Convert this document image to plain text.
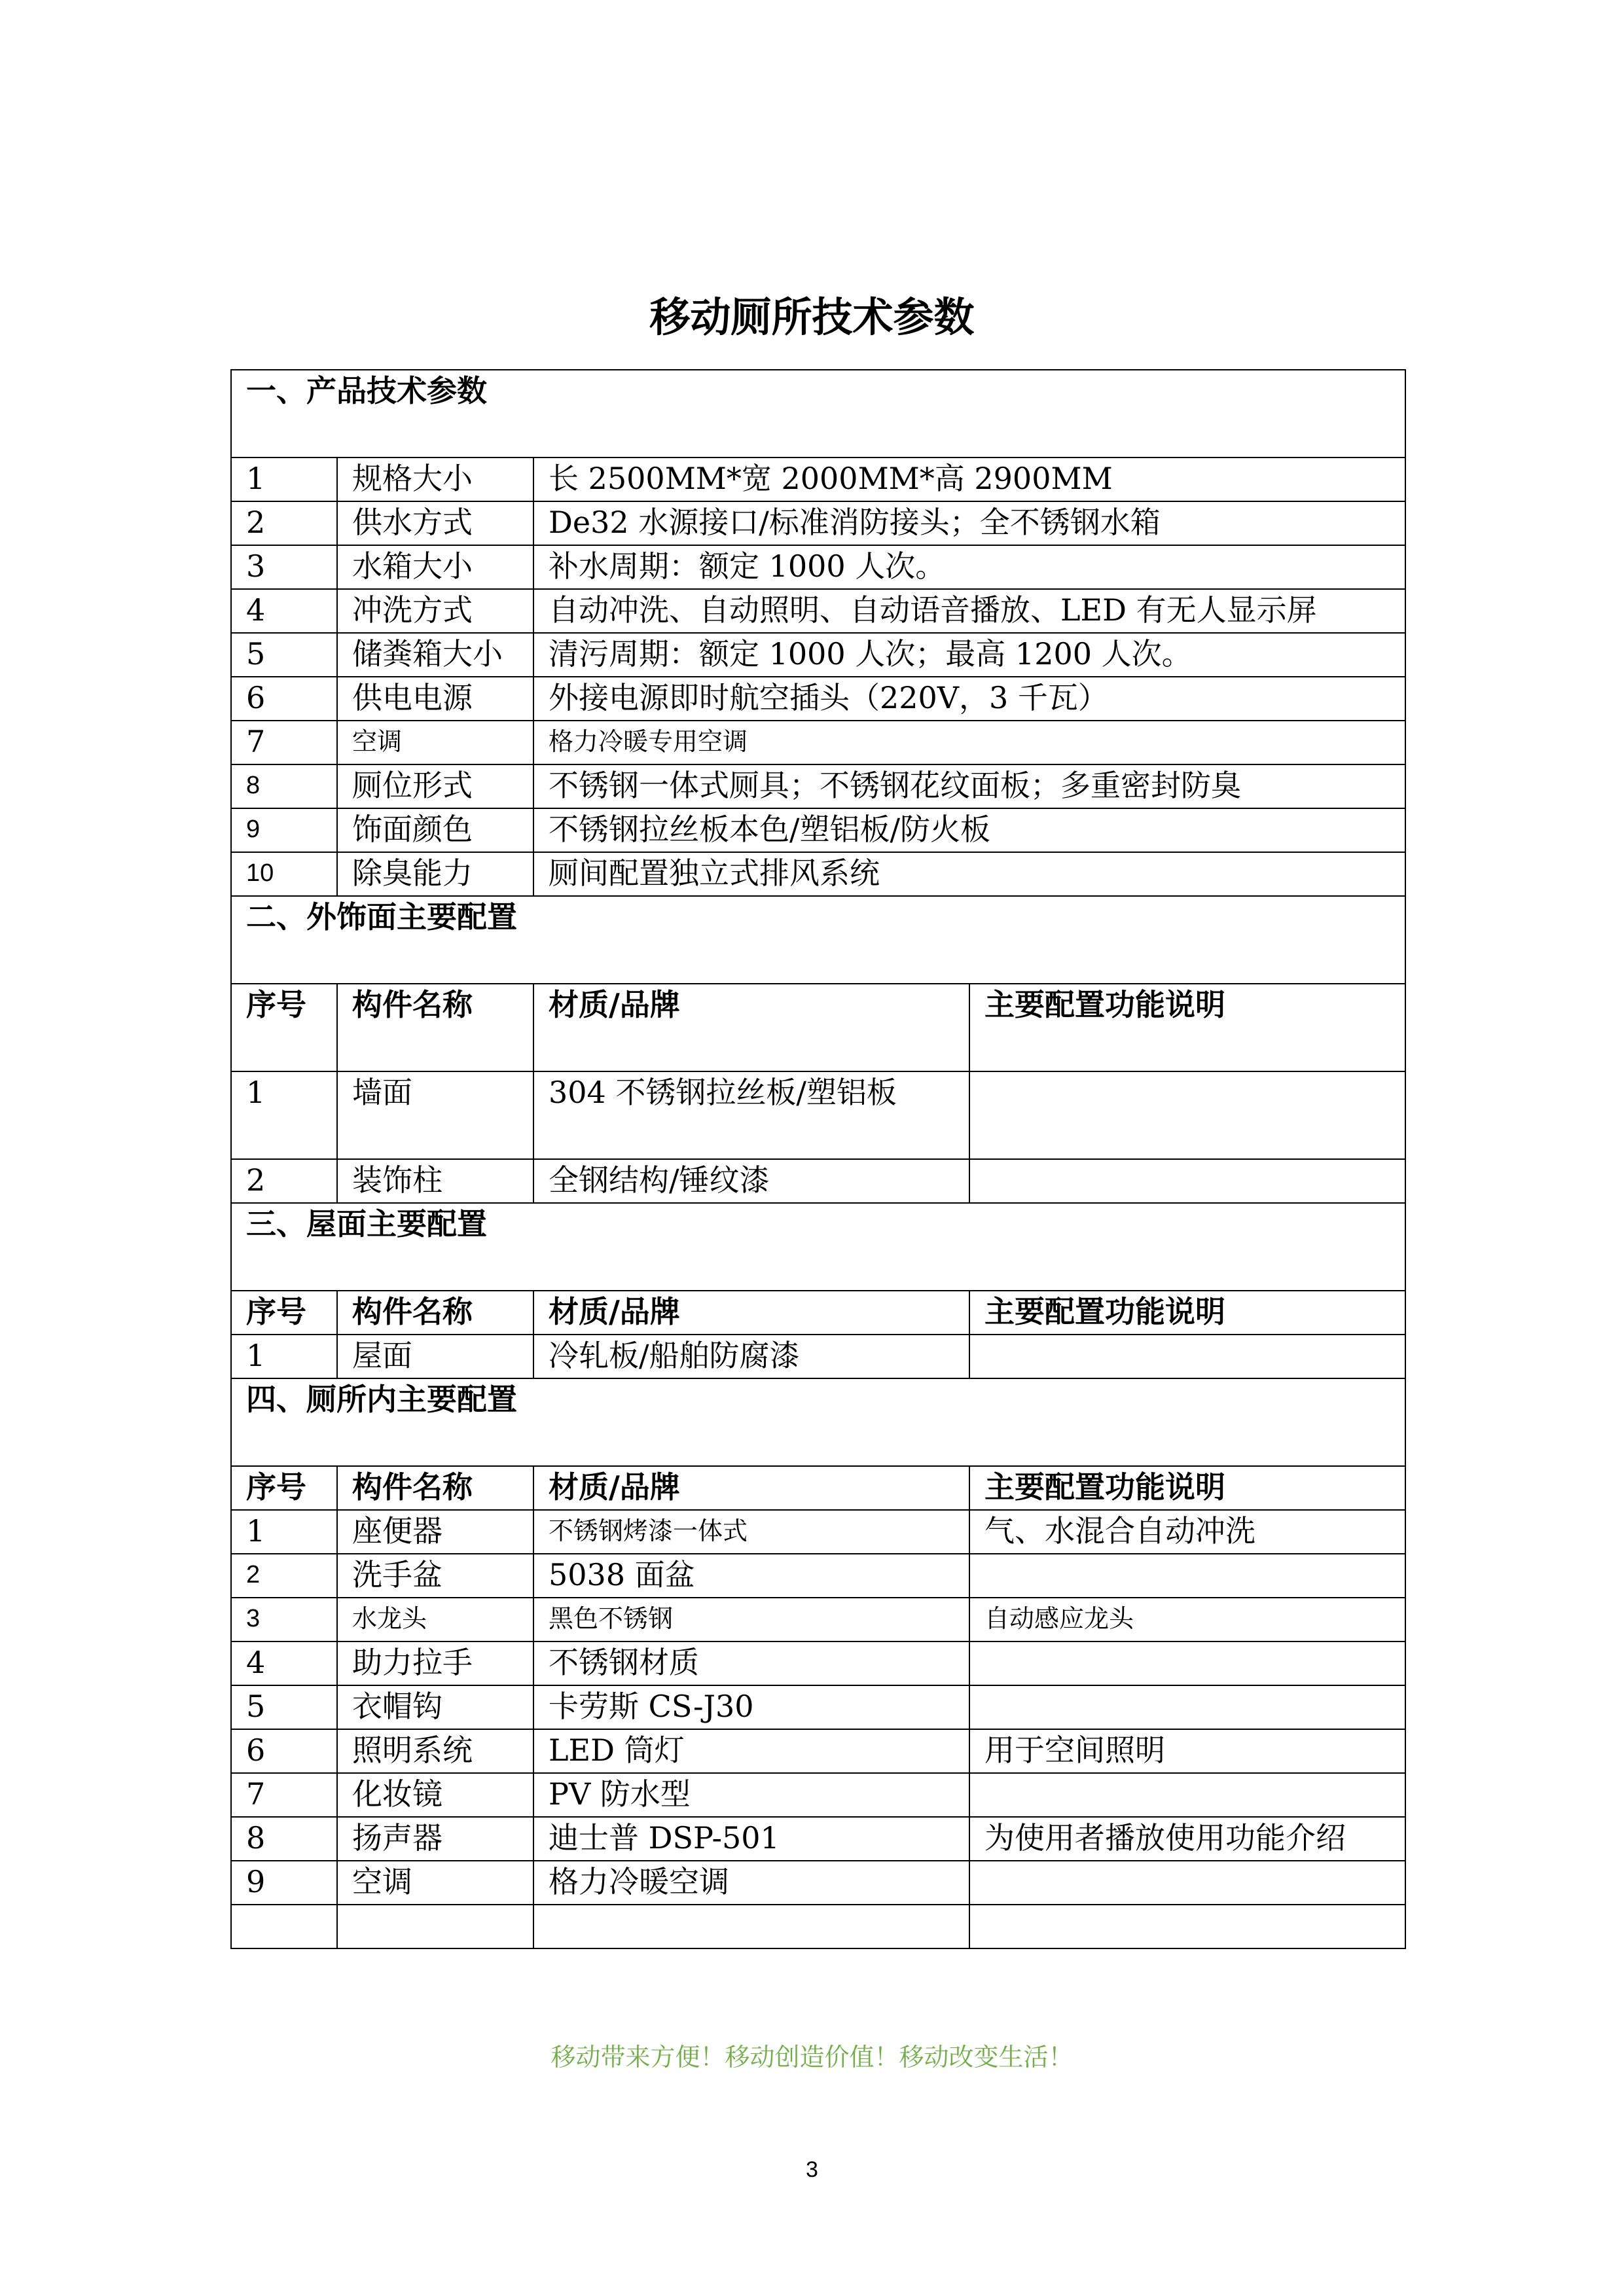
移动厕所技术参数
一、产品技术参数			
1	规格大小	长 2500MM*宽 2000MM*高 2900MM	
2	供水方式	De32 水源接口/标准消防接头；全不锈钢水箱	
3	水箱大小	补水周期：额定 1000 人次。	
4	冲洗方式	自动冲洗、自动照明、自动语音播放、LED 有无人显示屏	
5	储粪箱大小	清污周期：额定 1000 人次；最高 1200 人次。	
6	供电电源	外接电源即时航空插头（220V，3 千瓦）	
7	空调	格力冷暖专用空调	
8	厕位形式	不锈钢一体式厕具；不锈钢花纹面板；多重密封防臭	
9	饰面颜色	不锈钢拉丝板本色/塑铝板/防火板	
10	除臭能力	厕间配置独立式排风系统	
二、外饰面主要配置			
序号	构件名称	材质/品牌	主要配置功能说明
1	墙面	304 不锈钢拉丝板/塑铝板	
2	装饰柱	全钢结构/锤纹漆	
三、屋面主要配置			
序号	构件名称	材质/品牌	主要配置功能说明
1	屋面	冷轧板/船舶防腐漆	
四、厕所内主要配置			
序号	构件名称	材质/品牌	主要配置功能说明
1	座便器	不锈钢烤漆一体式	气、水混合自动冲洗
2	洗手盆	5038 面盆	
3	水龙头	黑色不锈钢	自动感应龙头
4	助力拉手	不锈钢材质	
5	衣帽钩	卡劳斯 CS-J30	
6	照明系统	LED 筒灯	用于空间照明
7	化妆镜	PV 防水型	
8	扬声器	迪士普 DSP-501	为使用者播放使用功能介绍
9	空调	格力冷暖空调	

移动带来方便！移动创造价值！移动改变生活！
3
